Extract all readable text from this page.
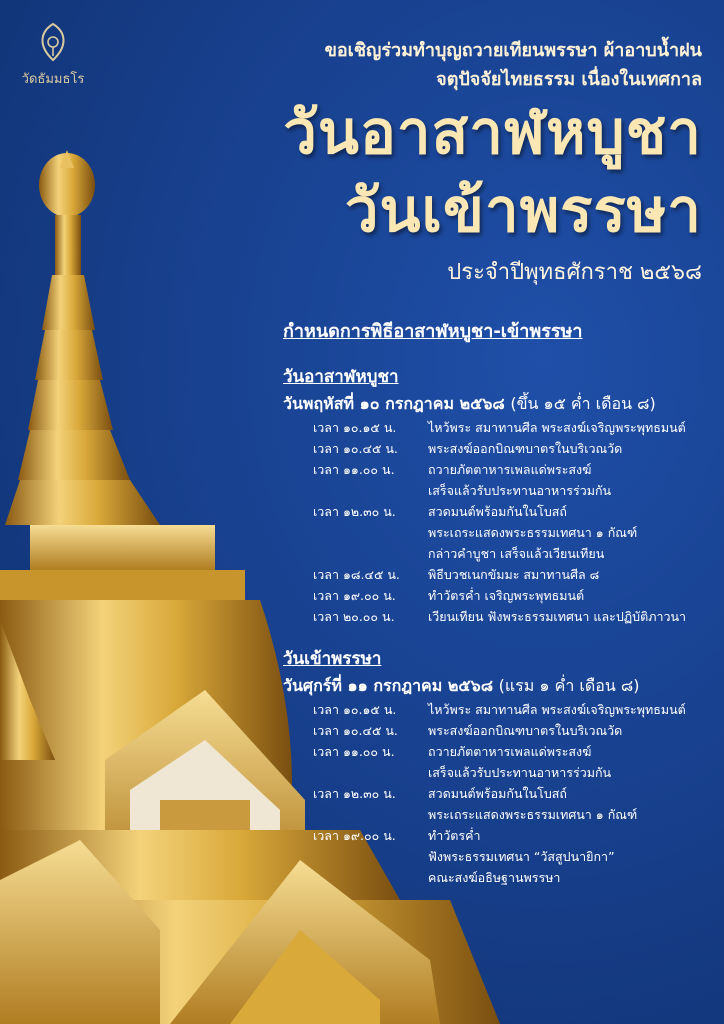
วัดธัมมธโร
ขอเชิญร่วมทำบุญถวายเทียนพรรษา ผ้าอาบน้ำฝน
จตุปัจจัยไทยธรรม เนื่องในเทศกาล
วันอาสาฬหบูชา
วันเข้าพรรษา
ประจำปีพุทธศักราช ๒๕๖๘
กำหนดการพิธีอาสาฬหบูชา-เข้าพรรษา
วันอาสาฬหบูชา
วันพฤหัสที่ ๑๐ กรกฎาคม ๒๕๖๘ (ขึ้น ๑๕ ค่ำ เดือน ๘)
เวลา ๑๐.๑๕ น.	ไหว้พระ สมาทานศีล พระสงฆ์เจริญพระพุทธมนต์
เวลา ๑๐.๔๕ น.	พระสงฆ์ออกบิณฑบาตรในบริเวณวัด
เวลา ๑๑.๐๐ น.	ถวายภัตตาหารเพลแด่พระสงฆ์
เสร็จแล้วรับประทานอาหารร่วมกัน
เวลา ๑๒.๓๐ น.	สวดมนต์พร้อมกันในโบสถ์
พระเถระแสดงพระธรรมเทศนา ๑ กัณฑ์
กล่าวคำบูชา เสร็จแล้วเวียนเทียน
เวลา ๑๘.๔๕ น.	พิธีบวชเนกขัมมะ สมาทานศีล ๘
เวลา ๑๙.๐๐ น.	ทำวัตรค่ำ เจริญพระพุทธมนต์
เวลา ๒๐.๐๐ น.	เวียนเทียน ฟังพระธรรมเทศนา และปฏิบัติภาวนา
วันเข้าพรรษา
วันศุกร์ที่ ๑๑ กรกฎาคม ๒๕๖๘ (แรม ๑ ค่ำ เดือน ๘)
เวลา ๑๐.๑๕ น.	ไหว้พระ สมาทานศีล พระสงฆ์เจริญพระพุทธมนต์
เวลา ๑๐.๔๕ น.	พระสงฆ์ออกบิณฑบาตรในบริเวณวัด
เวลา ๑๑.๐๐ น.	ถวายภัตตาหารเพลแด่พระสงฆ์
เสร็จแล้วรับประทานอาหารร่วมกัน
เวลา ๑๒.๓๐ น.	สวดมนต์พร้อมกันในโบสถ์
พระเถระแสดงพระธรรมเทศนา ๑ กัณฑ์
เวลา ๑๙.๐๐ น.	ทำวัตรค่ำ
ฟังพระธรรมเทศนา “วัสสูปนายิกา”
คณะสงฆ์อธิษฐานพรรษา
